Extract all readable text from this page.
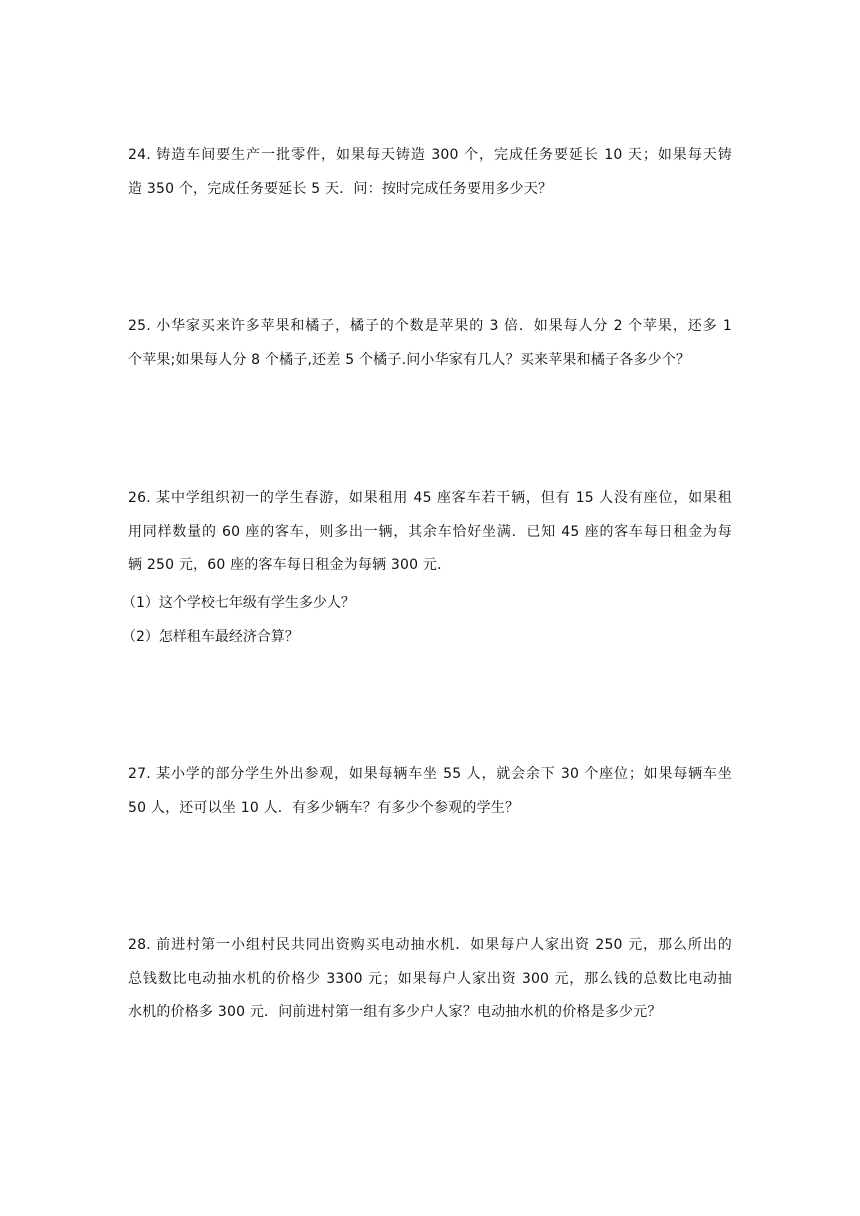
24. 铸造车间要生产一批零件，如果每天铸造 300 个，完成任务要延长 10 天；如果每天铸
造 350 个，完成任务要延长 5 天．问：按时完成任务要用多少天？
25. 小华家买来许多苹果和橘子，橘子的个数是苹果的 3 倍．如果每人分 2 个苹果，还多 1
个苹果;如果每人分 8 个橘子,还差 5 个橘子.问小华家有几人？买来苹果和橘子各多少个？
26. 某中学组织初一的学生春游，如果租用 45 座客车若干辆，但有 15 人没有座位，如果租
用同样数量的 60 座的客车，则多出一辆，其余车恰好坐满．已知 45 座的客车每日租金为每
辆 250 元，60 座的客车每日租金为每辆 300 元．
（1）这个学校七年级有学生多少人？
（2）怎样租车最经济合算？
27. 某小学的部分学生外出参观，如果每辆车坐 55 人，就会余下 30 个座位；如果每辆车坐
50 人，还可以坐 10 人．有多少辆车？有多少个参观的学生？
28. 前进村第一小组村民共同出资购买电动抽水机．如果每户人家出资 250 元，那么所出的
总钱数比电动抽水机的价格少 3300 元；如果每户人家出资 300 元，那么钱的总数比电动抽
水机的价格多 300 元．问前进村第一组有多少户人家？电动抽水机的价格是多少元？
